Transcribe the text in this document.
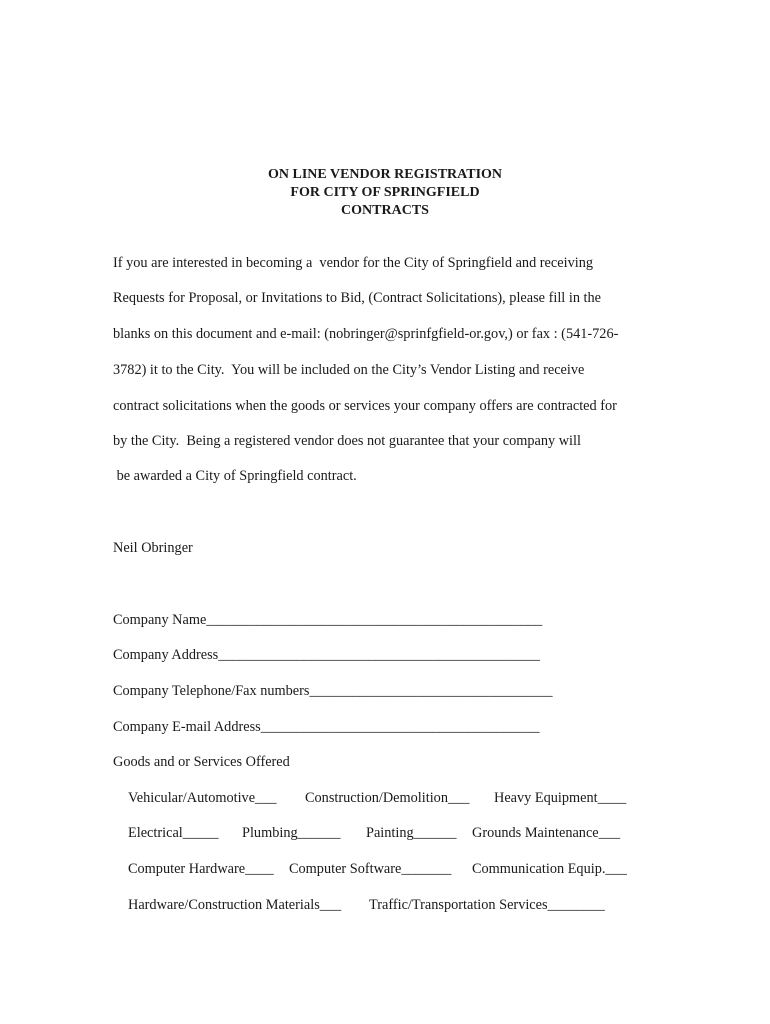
ON LINE VENDOR REGISTRATION
FOR CITY OF SPRINGFIELD
CONTRACTS
If you are interested in becoming a  vendor for the City of Springfield and receiving
Requests for Proposal, or Invitations to Bid, (Contract Solicitations), please fill in the
blanks on this document and e-mail: (nobringer@sprinfgfield-or.gov,) or fax : (541-726-
3782) it to the City.  You will be included on the City’s Vendor Listing and receive
contract solicitations when the goods or services your company offers are contracted for
by the City.  Being a registered vendor does not guarantee that your company will
be awarded a City of Springfield contract.
Neil Obringer
Company Name_______________________________________________
Company Address_____________________________________________
Company Telephone/Fax numbers__________________________________
Company E-mail Address_______________________________________
Goods and or Services Offered
Vehicular/Automotive___ Construction/Demolition___ Heavy Equipment____
Electrical_____ Plumbing______ Painting______ Grounds Maintenance___
Computer Hardware____ Computer Software_______ Communication Equip.___
Hardware/Construction Materials___ Traffic/Transportation Services________
